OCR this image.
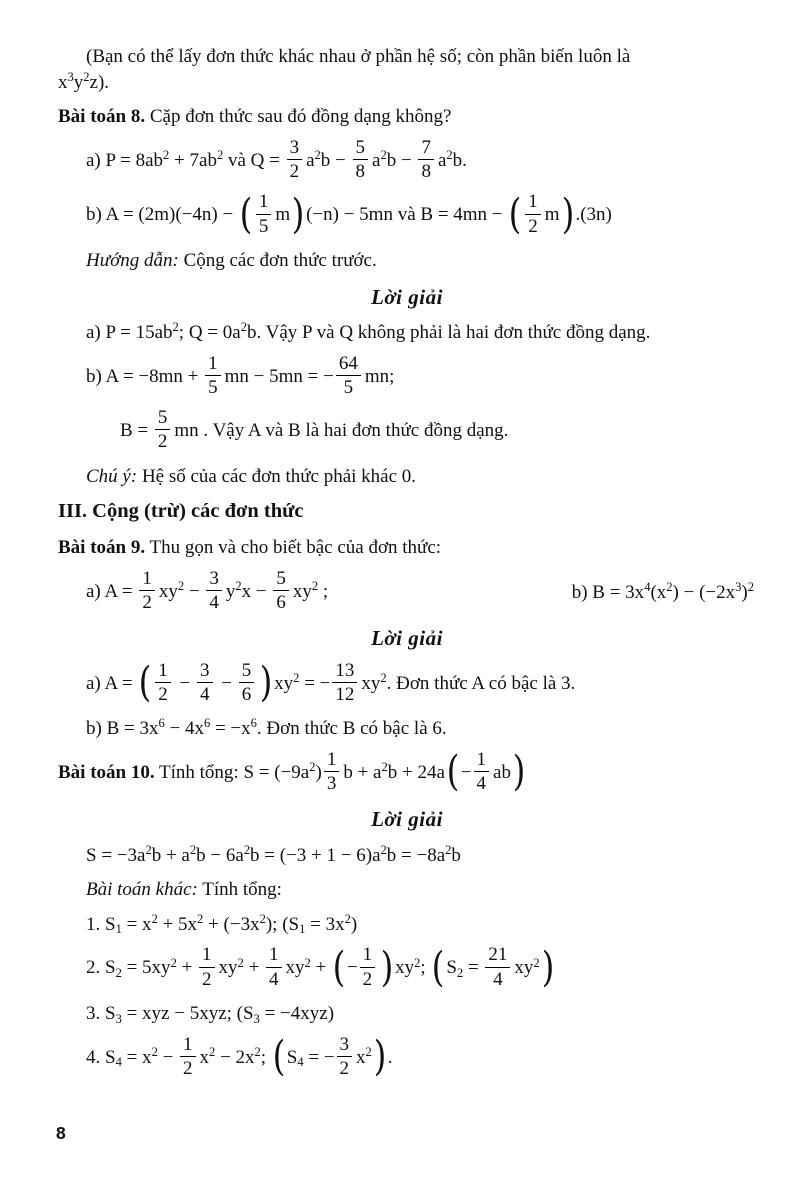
(Bạn có thể lấy đơn thức khác nhau ở phần hệ số; còn phần biến luôn là
$x^3y^2z$).

Bài toán 8. Cặp đơn thức sau đó đồng dạng không?

a) $P = 8ab^2 + 7ab^2$ và $Q = \frac{3}{2} a^2b - \frac{5}{8} a^2b - \frac{7}{8} a^2b$.

b) A = (2m)(−4n) − ( $\frac{1}{5} m)(-n) - 5mn$ và B = 4mn − ( $\frac{1}{2} m).(3n)$

Hướng dẫn: Cộng các đơn thức trước.

Lời giải

a) $P = 15ab^2$; $Q = 0a^2b$. Vậy P và Q không phải là hai đơn thức đồng dạng.

b) $A = -8mn + \frac{1}{5}$ mn − 5mn = − $\frac{64}{5}$ mn;

$B = \frac{5}{2}$ mn . Vậy A và B là hai đơn thức đồng dạng.

Chú ý: Hệ số của các đơn thức phải khác 0.

III. Cộng (trừ) các đơn thức

Bài toán 9. Thu gọn và cho biết bậc của đơn thức:

a) $A = \frac{1}{2} xy^2 - \frac{3}{4} y^2x - \frac{5}{6} xy^2$ ;	b) $B = 3x^4(x^2) - (-2x^3)^2$

Lời giải

a) A = ( $\frac{1}{2} - \frac{3}{4} - \frac{5}{6} )xy^2$ = − $\frac{13}{12} xy^2$. Đơn thức A có bậc là 3.

b) $B = 3x^6 - 4x^6 = -x^6$. Đơn thức B có bậc là 6.

Bài toán 10. Tính tổng: $S = (-9a^2) \frac{1}{3}$ $b + a^2b + 24a(- \frac{1}{4} ab)$

Lời giải

$S = -3a^2b + a^2b - 6a^2b = (-3 + 1 - 6)a^2b = -8a^2b$

Bài toán khác: Tính tổng:

1. $S1 = x^2 + 5x^2 + (-3x^2)$; $(S1 = 3x^2)$

2. $S2 = 5xy^2 + \frac{1}{2} xy^2 + \frac{1}{4} xy^2$ + (− $\frac{1}{2} )xy^2$; $(S2 = \frac{21}{4} xy^2)$

3. S3 = xyz − 5xyz; (S3 = −4xyz)

4. $S4 = x^2 - \frac{1}{2} x^2 - 2x^2$; (S4 = − $\frac{3}{2} x^2$).

8
